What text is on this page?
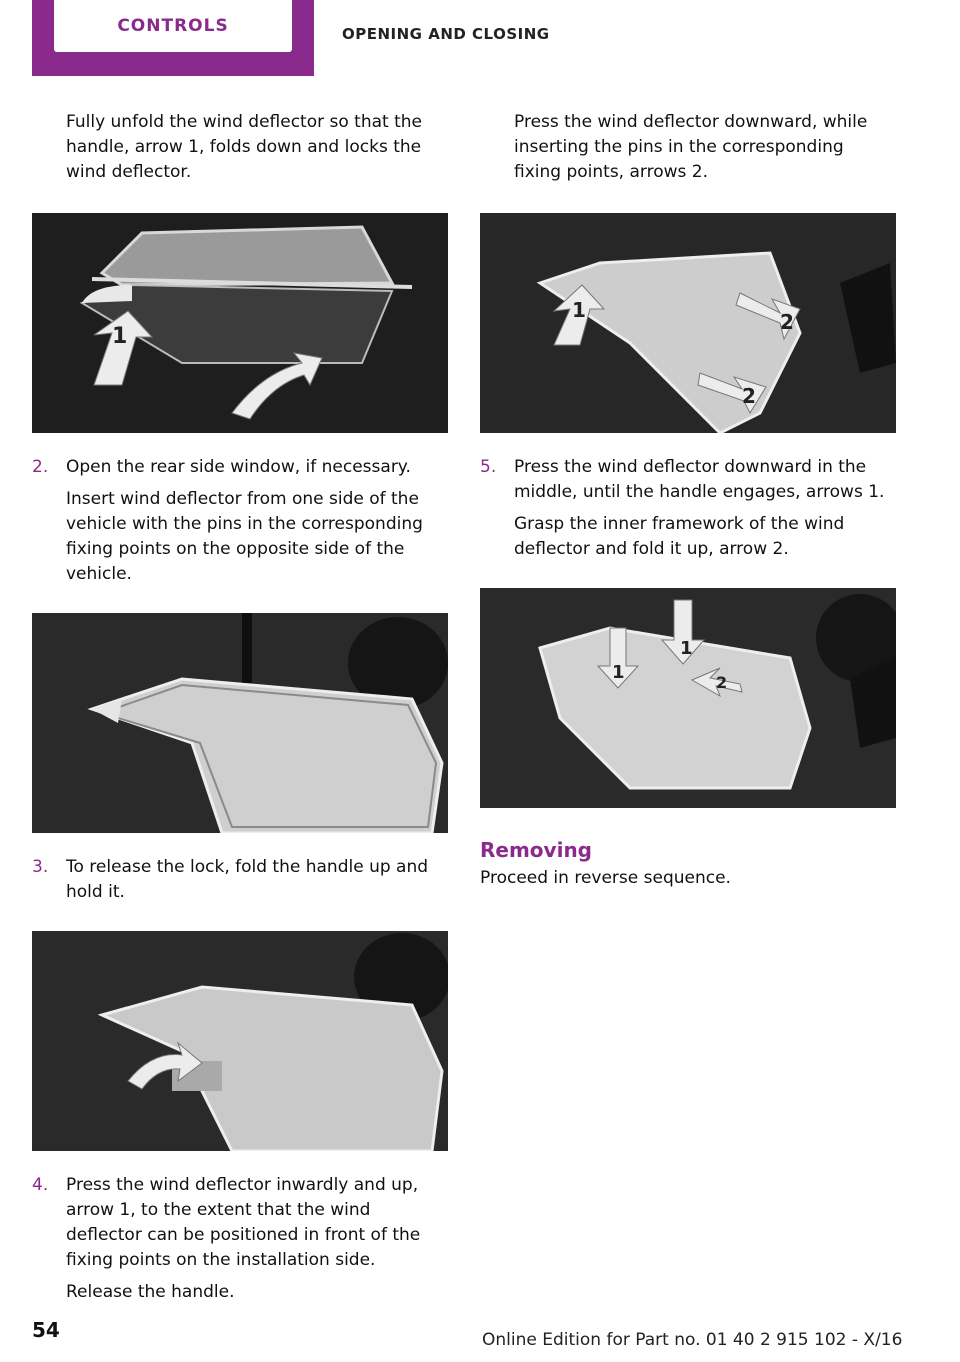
CONTROLS	OPENING AND CLOSING

Fully unfold the wind deflector so that the handle, arrow 1, folds down and locks the wind deflector.

1
2. Open the rear side window, if necessary.

Insert wind deflector from one side of the vehicle with the pins in the corresponding fixing points on the opposite side of the vehicle.

3. To release the lock, fold the handle up and hold it.

4. Press the wind deflector inwardly and up, arrow 1, to the extent that the wind deflector can be positioned in front of the fixing points on the installation side.

Release the handle.

Press the wind deflector downward, while inserting the pins in the corresponding fixing points, arrows 2.

1	2
2
5. Press the wind deflector downward in the middle, until the handle engages, arrows 1.

Grasp the inner framework of the wind deflector and fold it up, arrow 2.

1
1	2

Removing

Proceed in reverse sequence.

54	Online Edition for Part no. 01 40 2 915 102 - X/16
